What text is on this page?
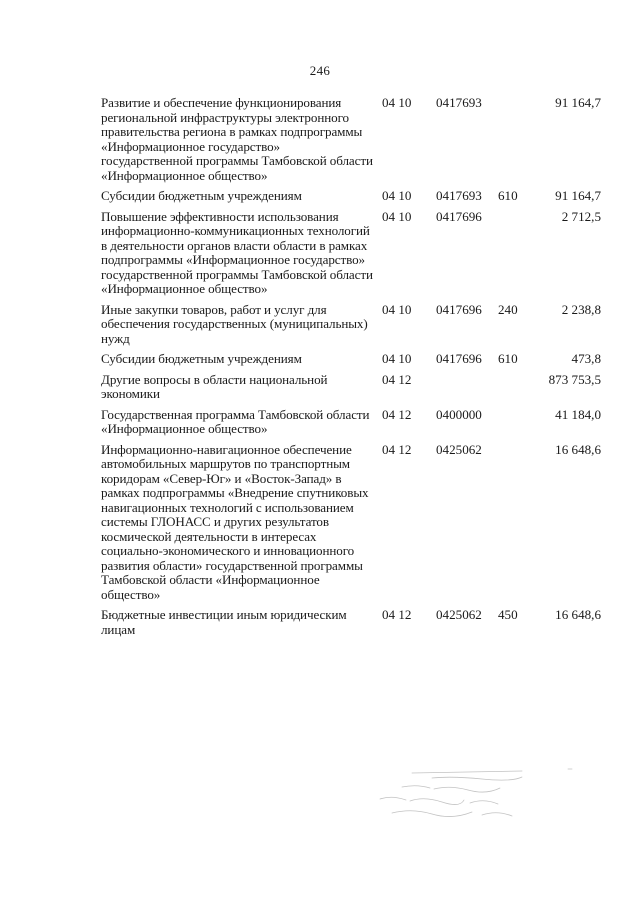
246
Развитие и обеспечение функционирования региональной инфраструктуры электронного правительства региона в рамках подпрограммы «Информационное государство» государственной программы Тамбовской области «Информационное общество»	04 10	0417693		91 164,7

Субсидии бюджетным учреждениям	04 10	0417693	610	91 164,7

Повышение эффективности использования информационно-коммуникационных технологий в деятельности органов власти области в рамках подпрограммы «Информационное государство» государственной программы Тамбовской области «Информационное общество»	04 10	0417696		2 712,5

Иные закупки товаров, работ и услуг для обеспечения государственных (муниципальных) нужд	04 10	0417696	240	2 238,8

Субсидии бюджетным учреждениям	04 10	0417696	610	473,8

Другие вопросы в области национальной экономики	04 12			873 753,5

Государственная программа Тамбовской области «Информационное общество»	04 12	0400000		41 184,0

Информационно-навигационное обеспечение автомобильных маршрутов по транспортным коридорам «Север-Юг» и «Восток-Запад» в рамках подпрограммы «Внедрение спутниковых навигационных технологий с использованием системы ГЛОНАСС и других результатов космической деятельности в интересах социально-экономического и инновационного развития области» государственной программы Тамбовской области «Информационное общество»	04 12	0425062		16 648,6

Бюджетные инвестиции иным юридическим лицам	04 12	0425062	450	16 648,6
